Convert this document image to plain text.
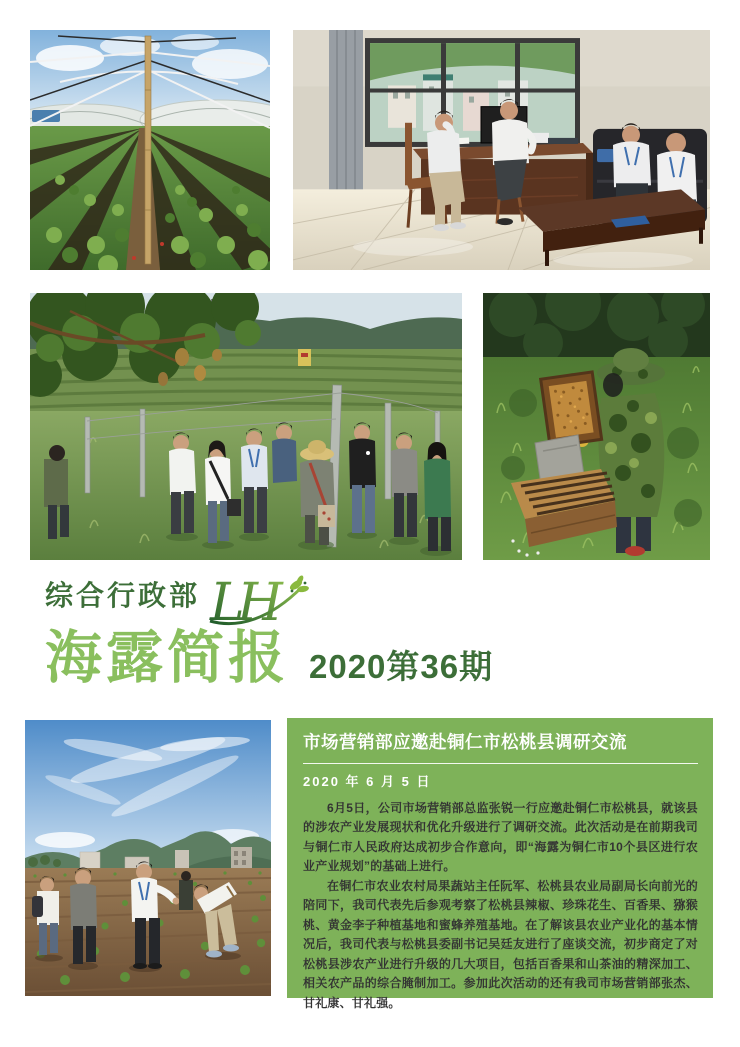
综合行政部 LH
海露简报 2020第36期
市场营销部应邀赴铜仁市松桃县调研交流
2020 年 6 月 5 日

6月5日，公司市场营销部总监张锐一行应邀赴铜仁市松桃县，就该县的涉农产业发展现状和优化升级进行了调研交流。此次活动是在前期我司与铜仁市人民政府达成初步合作意向，即“海露为铜仁市10个县区进行农业产业规划”的基础上进行。

在铜仁市农业农村局果蔬站主任阮军、松桃县农业局副局长向前光的陪同下，我司代表先后参观考察了松桃县辣椒、珍珠花生、百香果、猕猴桃、黄金李子种植基地和蜜蜂养殖基地。在了解该县农业产业化的基本情况后，我司代表与松桃县委副书记吴廷友进行了座谈交流，初步商定了对松桃县涉农产业进行升级的几大项目，包括百香果和山茶油的精深加工、相关农产品的综合腌制加工。参加此次活动的还有我司市场营销部张杰、甘礼康、甘礼强。
